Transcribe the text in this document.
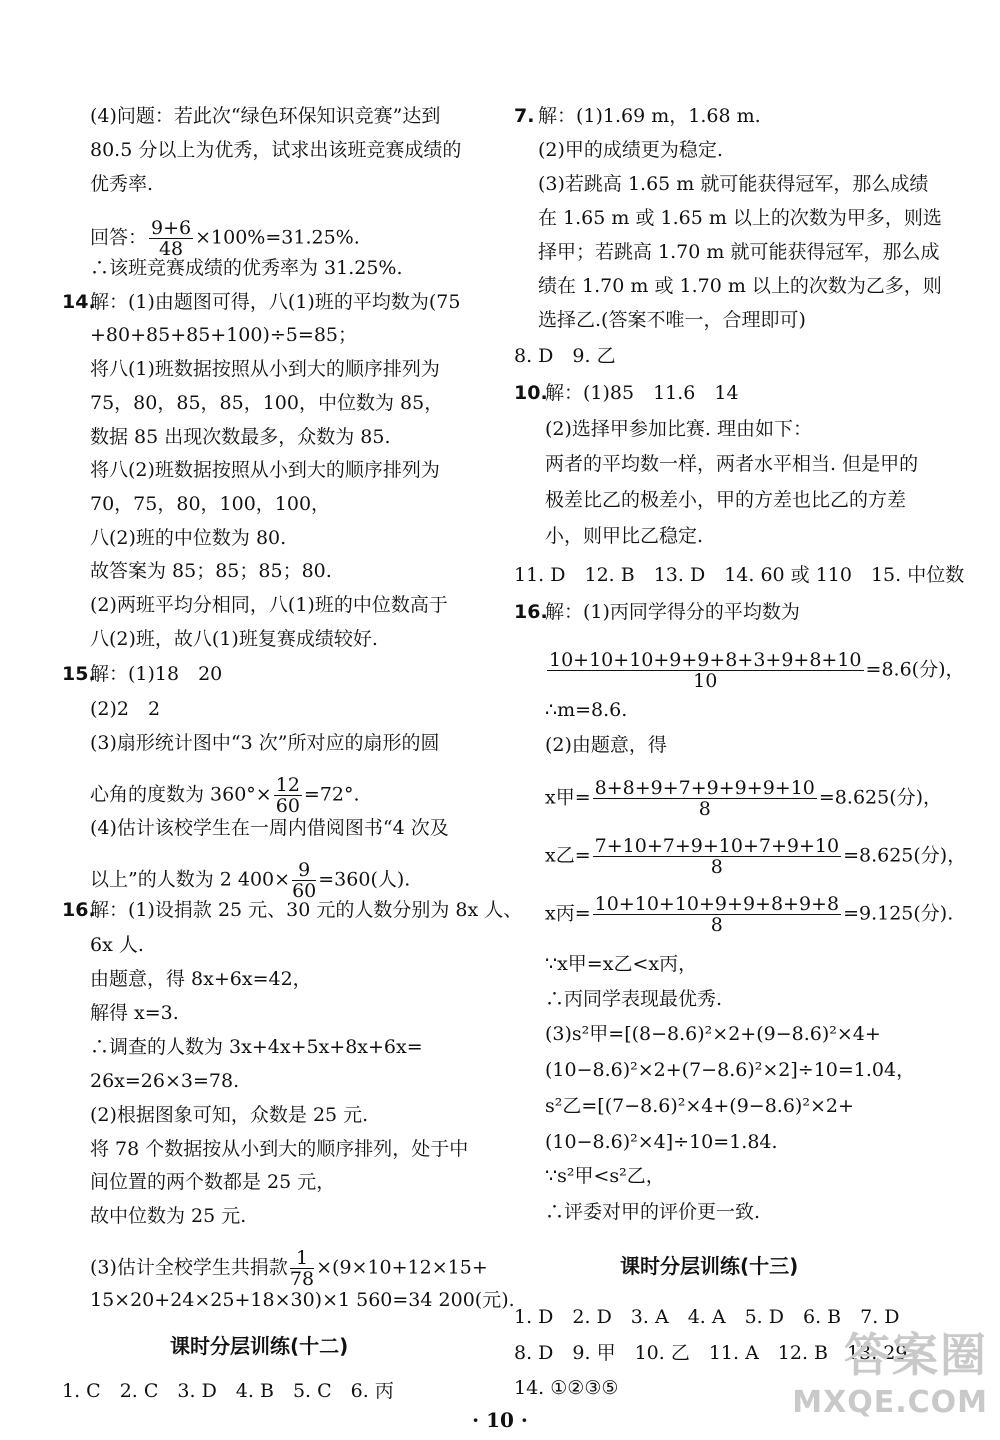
(4)问题：若此次“绿色环保知识竞赛”达到
80.5 分以上为优秀，试求出该班竞赛成绩的
优秀率.
回答： $\frac{9+6}{48} \times 100\%=31.25\%$.
∴该班竞赛成绩的优秀率为 31.25%.
14.
解：(1)由题图可得，八(1)班的平均数为(75
+80+85+85+100)÷5=85；
将八(1)班数据按照从小到大的顺序排列为
75，80，85，85，100，中位数为 85，
数据 85 出现次数最多，众数为 85.
将八(2)班数据按照从小到大的顺序排列为
70，75，80，100，100，
八(2)班的中位数为 80.
故答案为 85；85；85；80.
(2)两班平均分相同，八(1)班的中位数高于
八(2)班，故八(1)班复赛成绩较好.
15.
解：(1)18　20
(2)2　2
(3)扇形统计图中“3 次”所对应的扇形的圆
心角的度数为 $360^\circ\times \frac{12}{60} =72^\circ$.
(4)估计该校学生在一周内借阅图书“4 次及
以上”的人数为 2 $400\times \frac{9}{60} =360$(人).
16.
解：(1)设捐款 25 元、30 元的人数分别为 8x 人、
6x 人.
由题意，得 8x+6x=42，
解得 x=3.
∴调查的人数为 3x+4x+5x+8x+6x=
26x=26×3=78.
(2)根据图象可知，众数是 25 元.
将 78 个数据按从小到大的顺序排列，处于中
间位置的两个数都是 25 元，
故中位数为 25 元.
(3)估计全校学生共捐款 $\frac{1}{78} \times(9\times 10+12\times 15+$
15×20+24×25+18×30)×1 560=34 200(元).
课时分层训练(十二)
1. C　2. C　3. D　4. B　5. C　6. 丙
7. 解：(1)1.69 m，1.68 m.
(2)甲的成绩更为稳定.
(3)若跳高 1.65 m 就可能获得冠军，那么成绩
在 1.65 m 或 1.65 m 以上的次数为甲多，则选
择甲；若跳高 1.70 m 就可能获得冠军，那么成
绩在 1.70 m 或 1.70 m 以上的次数为乙多，则
选择乙.(答案不唯一，合理即可)
8. D　9. 乙
10.
解：(1)85　11.6　14
(2)选择甲参加比赛. 理由如下：
两者的平均数一样，两者水平相当. 但是甲的
极差比乙的极差小，甲的方差也比乙的方差
小，则甲比乙稳定.
11. D　12. B　13. D　14. 60 或 110　15. 中位数
16.
解：(1)丙同学得分的平均数为
$\frac{10+10+10+9+9+8+3+9+8+10}{10} =8.6$(分)，
∴m=8.6.
(2)由题意，得
x甲= $\frac{8+8+9+7+9+9+9+10}{8} =8.625$(分)，
x乙= $\frac{7+10+7+9+10+7+9+10}{8} =8.625$(分)，
x丙= $\frac{10+10+10+9+9+8+9+8}{8} =9.125$(分).
∵x甲=x乙<x丙，
∴丙同学表现最优秀.
(3)s²甲=[(8−8.6)²×2+(9−8.6)²×4+
(10−8.6)²×2+(7−8.6)²×2]÷10=1.04，
s²乙=[(7−8.6)²×4+(9−8.6)²×2+
(10−8.6)²×4]÷10=1.84.
∵s²甲<s²乙，
∴评委对甲的评价更一致.
课时分层训练(十三)
1. D　2. D　3. A　4. A　5. D　6. B　7. D
8. D　9. 甲　10. 乙　11. A　12. B　13. 29
14. ①②③⑤
· 10 ·
答案圈
MXQE.COM
